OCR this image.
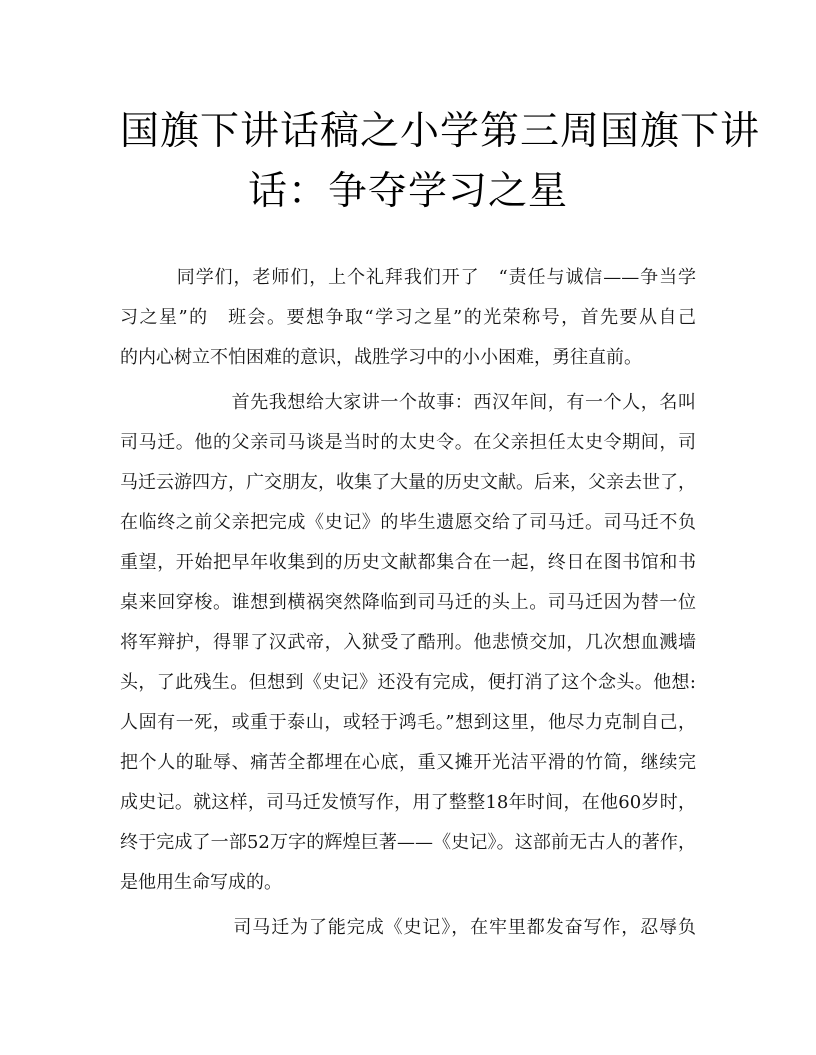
国旗下讲话稿之小学第三周国旗下讲
话：争夺学习之星
　　　同学们，老师们，上个礼拜我们开了　“责任与诚信——争当学
习之星”的　班会。要想争取“学习之星”的光荣称号，首先要从自己
的内心树立不怕困难的意识，战胜学习中的小小困难，勇往直前。
　　　　　　首先我想给大家讲一个故事：西汉年间，有一个人，名叫
司马迁。他的父亲司马谈是当时的太史令。在父亲担任太史令期间，司
马迁云游四方，广交朋友，收集了大量的历史文献。后来，父亲去世了，
在临终之前父亲把完成《史记》的毕生遗愿交给了司马迁。司马迁不负
重望，开始把早年收集到的历史文献都集合在一起，终日在图书馆和书
桌来回穿梭。谁想到横祸突然降临到司马迁的头上。司马迁因为替一位
将军辩护，得罪了汉武帝，入狱受了酷刑。他悲愤交加，几次想血溅墙
头，了此残生。但想到《史记》还没有完成，便打消了这个念头。他想:
人固有一死，或重于泰山，或轻于鸿毛。”想到这里，他尽力克制自己，
把个人的耻辱、痛苦全都埋在心底，重又摊开光洁平滑的竹简，继续完
成史记。就这样，司马迁发愤写作，用了整整18年时间，在他60岁时，
终于完成了一部52万字的辉煌巨著——《史记》。这部前无古人的著作，
是他用生命写成的。
　　　　　　司马迁为了能完成《史记》，在牢里都发奋写作，忍辱负
